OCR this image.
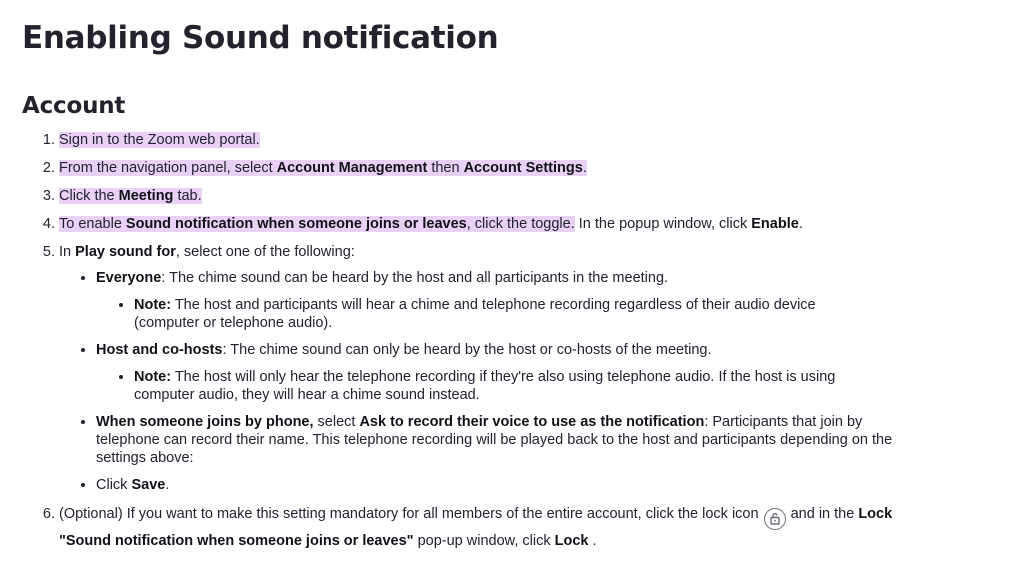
Enabling Sound notification
Account
1. Sign in to the Zoom web portal.
2. From the navigation panel, select Account Management then Account Settings.
3. Click the Meeting tab.
4. To enable Sound notification when someone joins or leaves, click the toggle. In the popup window, click Enable.
5. In Play sound for, select one of the following:
• Everyone: The chime sound can be heard by the host and all participants in the meeting.
• Note: The host and participants will hear a chime and telephone recording regardless of their audio device (computer or telephone audio).
• Host and co-hosts: The chime sound can only be heard by the host or co-hosts of the meeting.
• Note: The host will only hear the telephone recording if they're also using telephone audio. If the host is using computer audio, they will hear a chime sound instead.
• When someone joins by phone, select Ask to record their voice to use as the notification: Participants that join by telephone can record their name. This telephone recording will be played back to the host and participants depending on the settings above:
• Click Save.
6. (Optional) If you want to make this setting mandatory for all members of the entire account, click the lock icon  and in the Lock "Sound notification when someone joins or leaves" pop-up window, click Lock .
